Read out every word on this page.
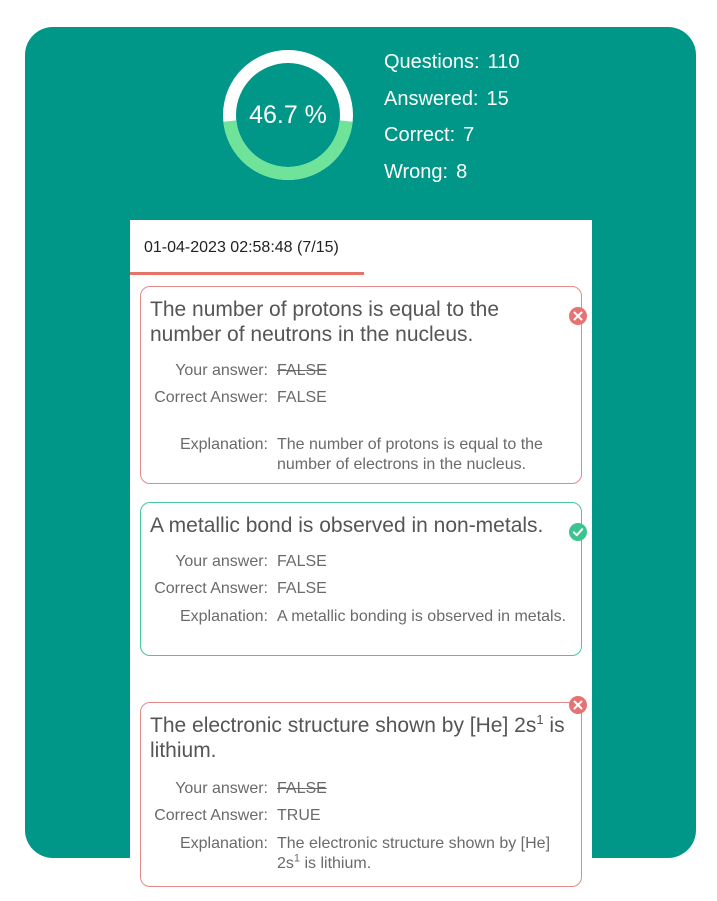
46.7 %
Questions: 110
Answered: 15
Correct: 7
Wrong: 8
01-04-2023 02:58:48 (7/15)
The number of protons is equal to the number of neutrons in the nucleus.
Your answer: FALSE
Correct Answer: FALSE
Explanation: The number of protons is equal to the number of electrons in the nucleus.
A metallic bond is observed in non-metals.
Your answer: FALSE
Correct Answer: FALSE
Explanation: A metallic bonding is observed in metals.
The electronic structure shown by [He] $2s^1$ is lithium.
Your answer: FALSE
Correct Answer: TRUE
Explanation: The electronic structure shown by [He] $2s^1$ is lithium.
